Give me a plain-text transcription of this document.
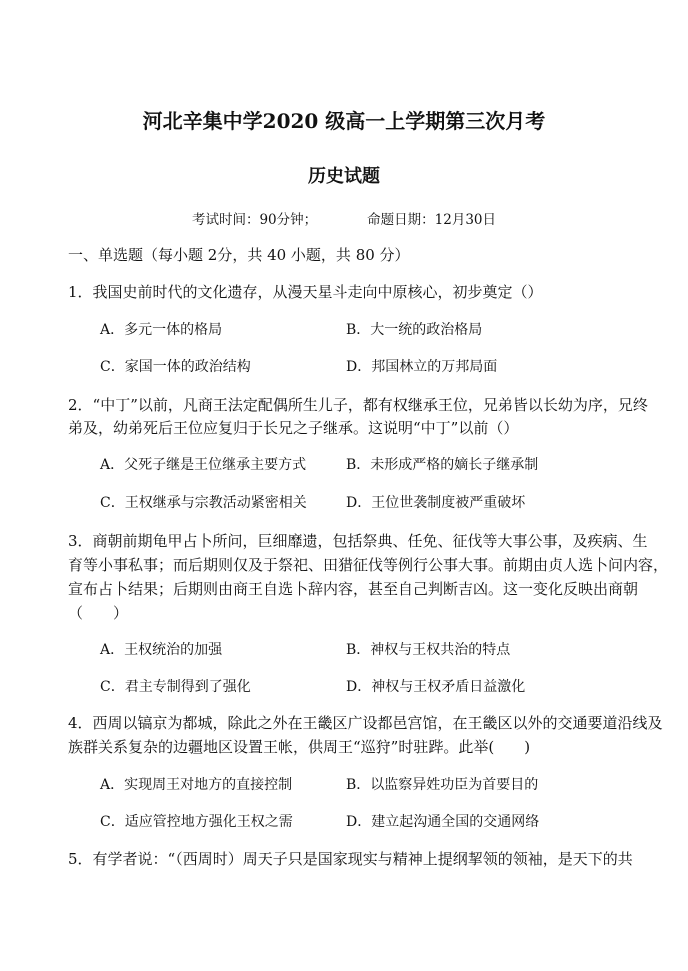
河北辛集中学2020 级高一上学期第三次月考
历史试题
考试时间：90分钟；	命题日期：12月30日
一、单选题（每小题 2分，共 40 小题，共 80 分）
1．我国史前时代的文化遗存，从漫天星斗走向中原核心，初步奠定（）
A．多元一体的格局	B．大一统的政治格局
C．家国一体的政治结构	D．邦国林立的万邦局面
2．“中丁”以前，凡商王法定配偶所生儿子，都有权继承王位，兄弟皆以长幼为序，兄终
弟及，幼弟死后王位应复归于长兄之子继承。这说明“中丁”以前（）
A．父死子继是王位继承主要方式	B．未形成严格的嫡长子继承制
C．王权继承与宗教活动紧密相关	D．王位世袭制度被严重破坏
3．商朝前期龟甲占卜所问，巨细靡遗，包括祭典、任免、征伐等大事公事，及疾病、生
育等小事私事；而后期则仅及于祭祀、田猎征伐等例行公事大事。前期由贞人选卜问内容，
宣布占卜结果；后期则由商王自选卜辞内容，甚至自己判断吉凶。这一变化反映出商朝
（　　）
A．王权统治的加强	B．神权与王权共治的特点
C．君主专制得到了强化	D．神权与王权矛盾日益激化
4．西周以镐京为都城，除此之外在王畿区广设都邑宫馆，在王畿区以外的交通要道沿线及
族群关系复杂的边疆地区设置王帐，供周王“巡狩”时驻跸。此举(　　)
A．实现周王对地方的直接控制	B．以监察异姓功臣为首要目的
C．适应管控地方强化王权之需	D．建立起沟通全国的交通网络
5．有学者说：“（西周时）周天子只是国家现实与精神上提纲挈领的领袖，是天下的共
